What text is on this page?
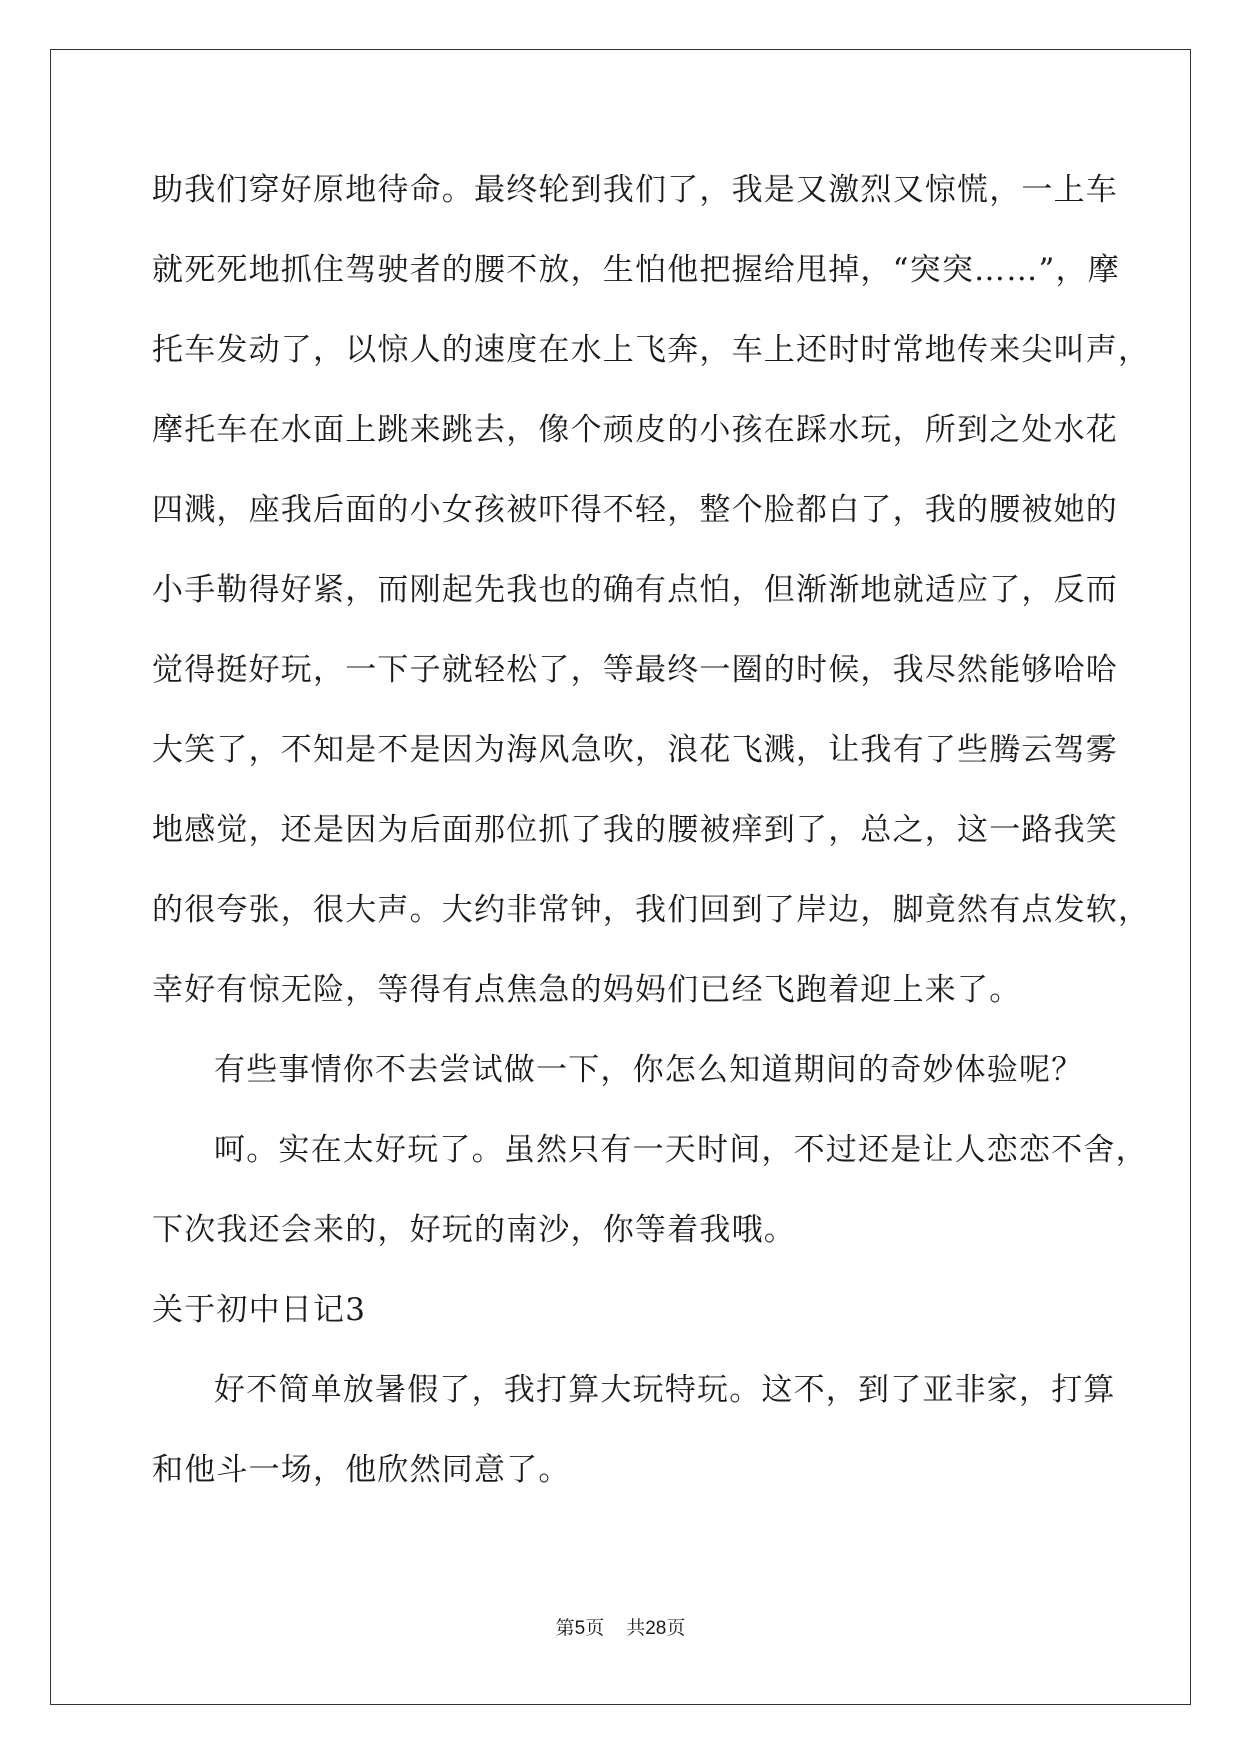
助我们穿好原地待命。最终轮到我们了，我是又激烈又惊慌，一上车
就死死地抓住驾驶者的腰不放，生怕他把握给甩掉，“突突……”，摩
托车发动了，以惊人的速度在水上飞奔，车上还时时常地传来尖叫声，
摩托车在水面上跳来跳去，像个顽皮的小孩在踩水玩，所到之处水花
四溅，座我后面的小女孩被吓得不轻，整个脸都白了，我的腰被她的
小手勒得好紧，而刚起先我也的确有点怕，但渐渐地就适应了，反而
觉得挺好玩，一下子就轻松了，等最终一圈的时候，我尽然能够哈哈
大笑了，不知是不是因为海风急吹，浪花飞溅，让我有了些腾云驾雾
地感觉，还是因为后面那位抓了我的腰被痒到了，总之，这一路我笑
的很夸张，很大声。大约非常钟，我们回到了岸边，脚竟然有点发软，
幸好有惊无险，等得有点焦急的妈妈们已经飞跑着迎上来了。
有些事情你不去尝试做一下，你怎么知道期间的奇妙体验呢？
呵。实在太好玩了。虽然只有一天时间，不过还是让人恋恋不舍，
下次我还会来的，好玩的南沙，你等着我哦。
关于初中日记3
好不简单放暑假了，我打算大玩特玩。这不，到了亚非家，打算
和他斗一场，他欣然同意了。
第5页 共28页
